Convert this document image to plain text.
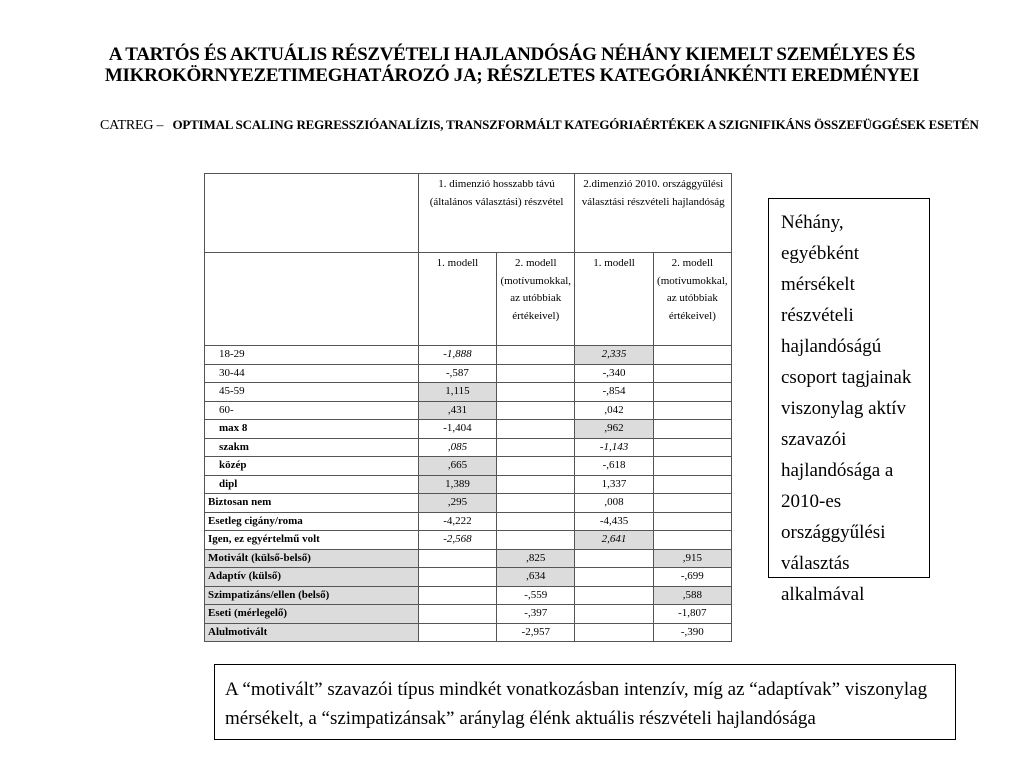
A TARTÓS ÉS AKTUÁLIS RÉSZVÉTELI HAJLANDÓSÁG NÉHÁNY KIEMELT SZEMÉLYES ÉS
MIKROKÖRNYEZETIMEGHATÁROZÓ JA; RÉSZLETES KATEGÓRIÁNKÉNTI EREDMÉNYEI
CATREG – OPTIMAL SCALING REGRESSZIÓANALÍZIS, TRANSZFORMÁLT KATEGÓRIAÉRTÉKEK A SZIGNIFIKÁNS ÖSSZEFÜGGÉSEK ESETÉN
	1. dimenzió hosszabb távú (általános választási) részvétel		2.dimenzió 2010. országgyűlési választási részvételi hajlandóság	
	1. modell	2. modell (motívumokkal, az utóbbiak értékeivel)	1. modell	2. modell (motívumokkal, az utóbbiak értékeivel)
18-29	-1,888		2,335	
30-44	-,587		-,340	
45-59	1,115		-,854	
60-	,431		,042	
max 8	-1,404		,962	
szakm	,085		-1,143	
közép	,665		-,618	
dipl	1,389		1,337	
Biztosan nem	,295		,008	
Esetleg cigány/roma	-4,222		-4,435	
Igen, ez egyértelmű volt	-2,568		2,641	
Motivált (külső-belső)		,825		,915
Adaptív (külső)		,634		-,699
Szimpatizáns/ellen (belső)		-,559		,588
Eseti (mérlegelő)		-,397		-1,807
Alulmotivált		-2,957		-,390
Néhány, egyébként mérsékelt részvételi hajlandóságú csoport tagjainak viszonylag aktív szavazói hajlandósága a 2010-es országgyűlési választás alkalmával
A “motivált” szavazói típus mindkét vonatkozásban intenzív, míg az “adaptívak” viszonylag mérsékelt, a “szimpatizánsak” aránylag élénk aktuális részvételi hajlandósága
